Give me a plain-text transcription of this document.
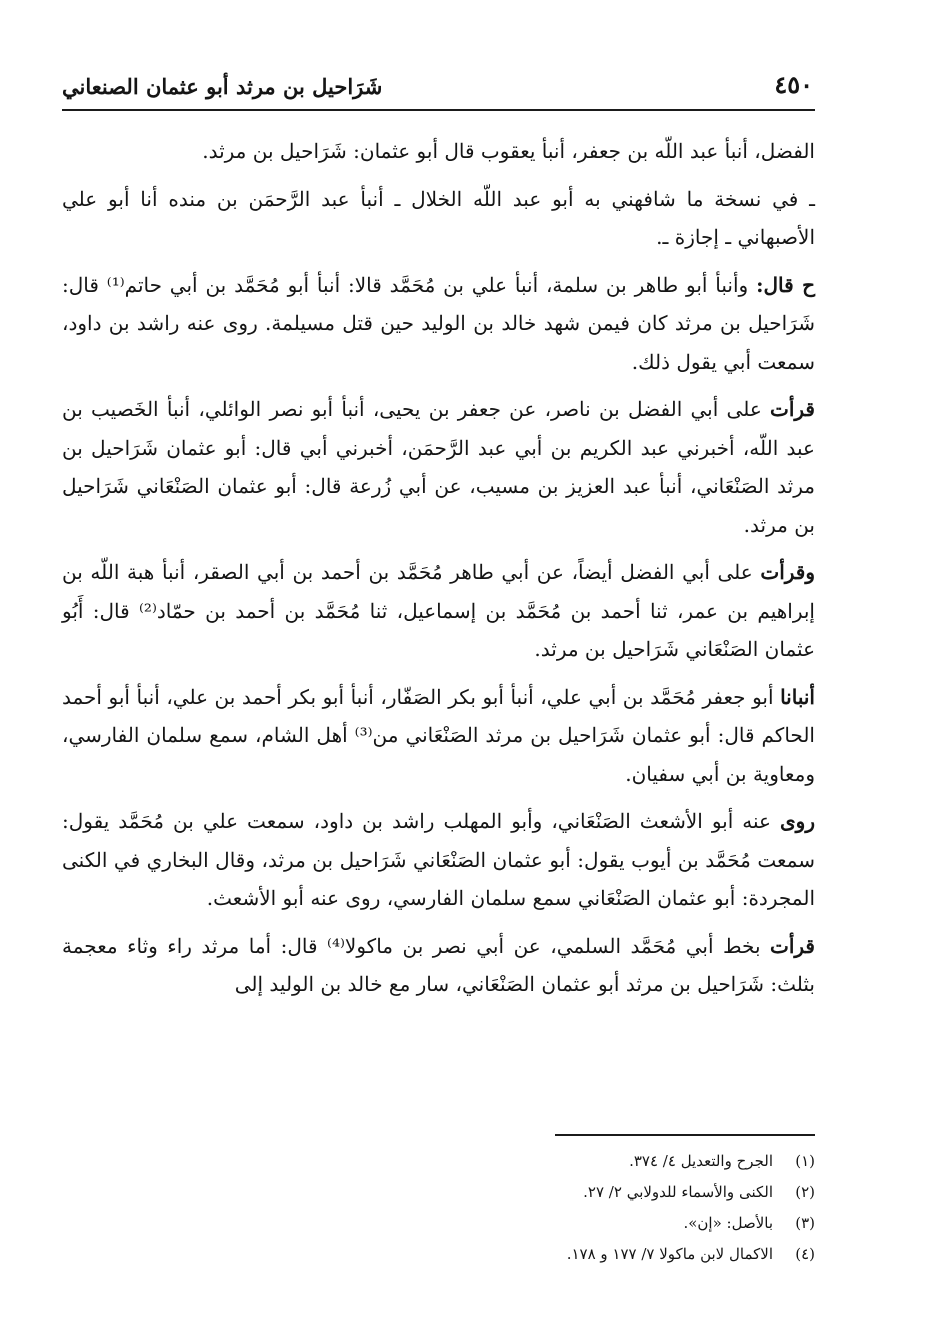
٤٥٠
شَرَاحيل بن مرثد أبو عثمان الصنعاني

الفضل، أنبأ عبد اللّه بن جعفر، أنبأ يعقوب قال أبو عثمان: شَرَاحيل بن مرثد.

ـ في نسخة ما شافهني به أبو عبد اللّه الخلال ـ أنبأ عبد الرَّحمَن بن منده أنا أبو علي الأصبهاني ـ إجازة ـ.

ح قال: وأنبأ أبو طاهر بن سلمة، أنبأ علي بن مُحَمَّد قالا: أنبأ أبو مُحَمَّد بن أبي حاتم⁽¹⁾ قال: شَرَاحيل بن مرثد كان فيمن شهد خالد بن الوليد حين قتل مسيلمة. روى عنه راشد بن داود، سمعت أبي يقول ذلك.

قرأت على أبي الفضل بن ناصر، عن جعفر بن يحيى، أنبأ أبو نصر الوائلي، أنبأ الخَصيب بن عبد اللّه، أخبرني عبد الكريم بن أبي عبد الرَّحمَن، أخبرني أبي قال: أبو عثمان شَرَاحيل بن مرثد الصَنْعَاني، أنبأ عبد العزيز بن مسيب، عن أبي زُرعة قال: أبو عثمان الصَنْعَاني شَرَاحيل بن مرثد.

وقرأت على أبي الفضل أيضاً، عن أبي طاهر مُحَمَّد بن أحمد بن أبي الصقر، أنبأ هبة اللّه بن إبراهيم بن عمر، ثنا أحمد بن مُحَمَّد بن إسماعيل، ثنا مُحَمَّد بن أحمد بن حمّاد⁽²⁾ قال: أَبُو عثمان الصَنْعَاني شَرَاحيل بن مرثد.

أنبانا أبو جعفر مُحَمَّد بن أبي علي، أنبأ أبو بكر الصَفّار، أنبأ أبو بكر أحمد بن علي، أنبأ أبو أحمد الحاكم قال: أبو عثمان شَرَاحيل بن مرثد الصَنْعَاني من⁽³⁾ أهل الشام، سمع سلمان الفارسي، ومعاوية بن أبي سفيان.

روى عنه أبو الأشعث الصَنْعَاني، وأبو المهلب راشد بن داود، سمعت علي بن مُحَمَّد يقول: سمعت مُحَمَّد بن أيوب يقول: أبو عثمان الصَنْعَاني شَرَاحيل بن مرثد، وقال البخاري في الكنى المجردة: أبو عثمان الصَنْعَاني سمع سلمان الفارسي، روى عنه أبو الأشعث.

قرأت بخط أبي مُحَمَّد السلمي، عن أبي نصر بن ماكولا⁽⁴⁾ قال: أما مرثد راء وثاء معجمة بثلث: شَرَاحيل بن مرثد أبو عثمان الصَنْعَاني، سار مع خالد بن الوليد إلى

(١)
الجرح والتعديل ٤/ ٣٧٤.
(٢)
الكنى والأسماء للدولابي ٢/ ٢٧.
(٣)
بالأصل: «إن».
(٤)
الاكمال لابن ماكولا ٧/ ١٧٧ و ١٧٨.
